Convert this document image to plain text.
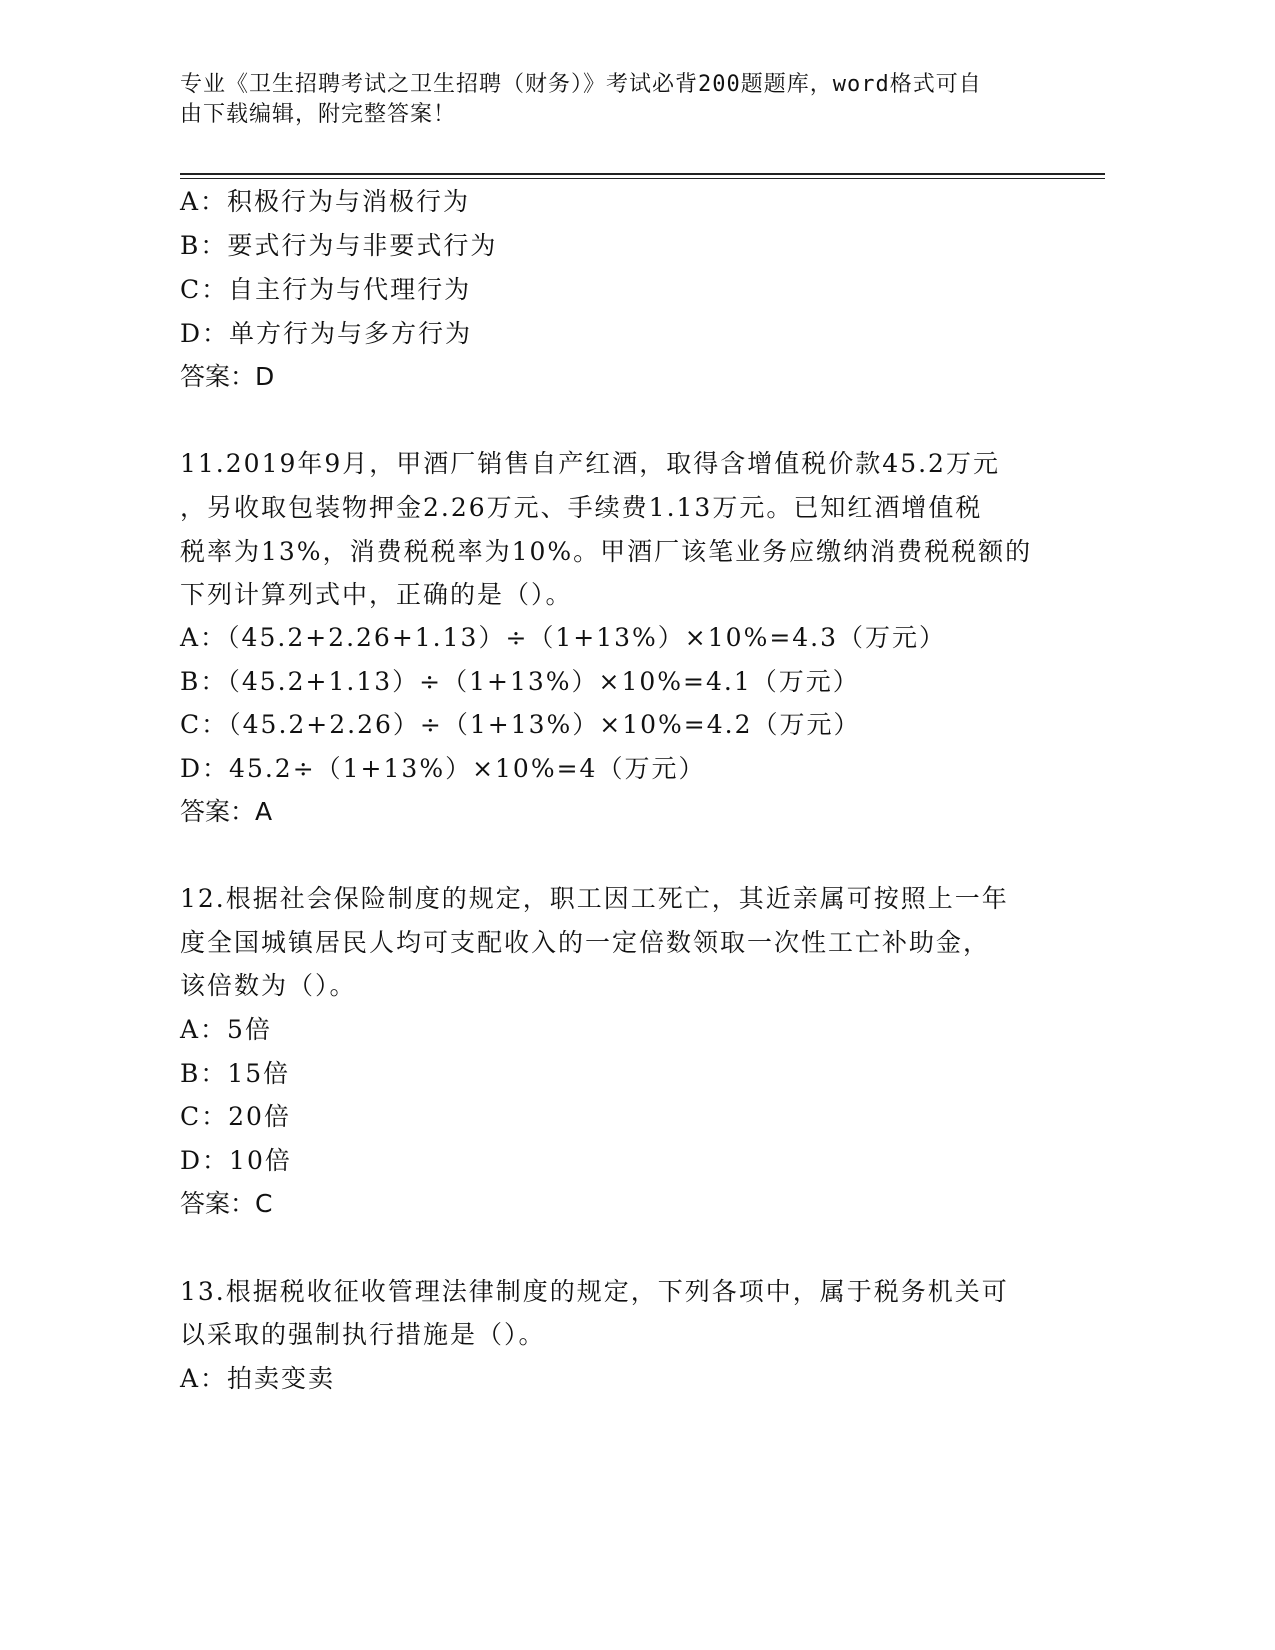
专业《卫生招聘考试之卫生招聘（财务）》考试必背200题题库，word格式可自
由下载编辑，附完整答案！
A：积极行为与消极行为
B：要式行为与非要式行为
C：自主行为与代理行为
D：单方行为与多方行为
答案：D
11.2019年9月，甲酒厂销售自产红酒，取得含增值税价款45.2万元
，另收取包装物押金2.26万元、手续费1.13万元。已知红酒增值税
税率为13%，消费税税率为10%。甲酒厂该笔业务应缴纳消费税税额的
下列计算列式中，正确的是（）。
A：（45.2+2.26+1.13）÷（1+13%）×10%=4.3（万元）
B：（45.2+1.13）÷（1+13%）×10%=4.1（万元）
C：（45.2+2.26）÷（1+13%）×10%=4.2（万元）
D：45.2÷（1+13%）×10%=4（万元）
答案：A
12.根据社会保险制度的规定，职工因工死亡，其近亲属可按照上一年
度全国城镇居民人均可支配收入的一定倍数领取一次性工亡补助金，
该倍数为（）。
A：5倍
B：15倍
C：20倍
D：10倍
答案：C
13.根据税收征收管理法律制度的规定，下列各项中，属于税务机关可
以采取的强制执行措施是（）。
A：拍卖变卖
